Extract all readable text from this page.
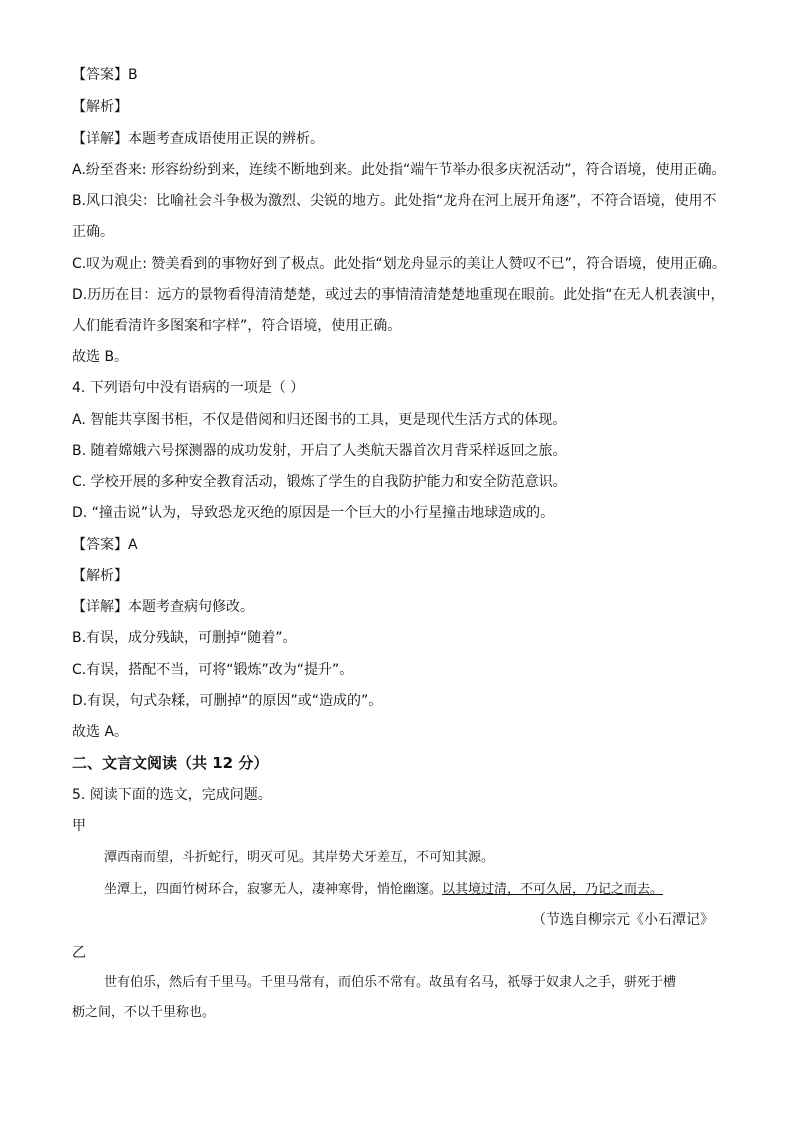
【答案】B
【解析】
【详解】本题考查成语使用正误的辨析。
A.纷至沓来: 形容纷纷到来，连续不断地到来。此处指“端午节举办很多庆祝活动”，符合语境，使用正确。
B.风口浪尖：比喻社会斗争极为激烈、尖锐的地方。此处指“龙舟在河上展开角逐”，不符合语境，使用不
正确。
C.叹为观止: 赞美看到的事物好到了极点。此处指“划龙舟显示的美让人赞叹不已”，符合语境，使用正确。
D.历历在目：远方的景物看得清清楚楚，或过去的事情清清楚楚地重现在眼前。此处指“在无人机表演中，
人们能看清许多图案和字样”，符合语境，使用正确。
故选 B。
4. 下列语句中没有语病的一项是（ ）
A. 智能共享图书柜，不仅是借阅和归还图书的工具，更是现代生活方式的体现。
B. 随着嫦娥六号探测器的成功发射，开启了人类航天器首次月背采样返回之旅。
C. 学校开展的多种安全教育活动，锻炼了学生的自我防护能力和安全防范意识。
D. “撞击说”认为，导致恐龙灭绝的原因是一个巨大的小行星撞击地球造成的。
【答案】A
【解析】
【详解】本题考查病句修改。
B.有误，成分残缺，可删掉“随着”。
C.有误，搭配不当，可将“锻炼”改为“提升”。
D.有误，句式杂糅，可删掉“的原因”或“造成的”。
故选 A。
二、文言文阅读（共 12 分）
5. 阅读下面的选文，完成问题。
甲
潭西南而望，斗折蛇行，明灭可见。其岸势犬牙差互，不可知其源。
坐潭上，四面竹树环合，寂寥无人，凄神寒骨，悄怆幽邃。以其境过清，不可久居，乃记之而去。
（节选自柳宗元《小石潭记》
乙
世有伯乐，然后有千里马。千里马常有，而伯乐不常有。故虽有名马，祇辱于奴隶人之手，骈死于槽
枥之间，不以千里称也。
